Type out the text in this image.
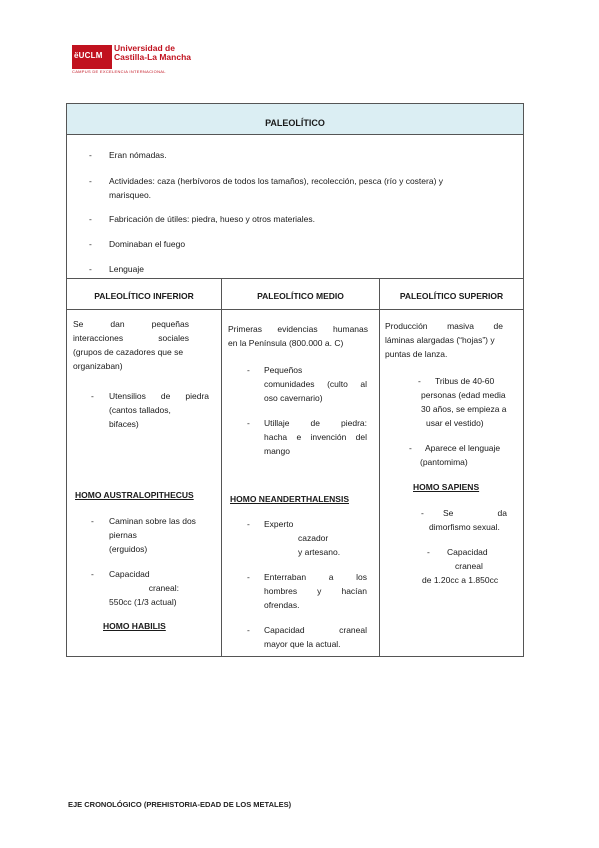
ëUCLM
Universidad de
Castilla-La Mancha
CAMPUS DE EXCELENCIA INTERNACIONAL
PALEOLÍTICO
- Eran nómadas.
- Actividades: caza (herbívoros de todos los tamaños), recolección, pesca (río y costera) y
marisqueo.
- Fabricación de útiles: piedra, hueso y otros materiales.
- Dominaban el fuego
- Lenguaje
PALEOLÍTICO INFERIOR	PALEOLÍTICO MEDIO	PALEOLÍTICO SUPERIOR
Se dan pequeñas
interacciones sociales
(grupos de cazadores que se
organizaban)
- Utensilios de piedra
(cantos tallados,
bifaces)
HOMO AUSTRALOPITHECUS
- Caminan sobre las dos
piernas
(erguidos)
- Capacidad
craneal:
550cc (1/3 actual)
HOMO HABILIS
Primeras evidencias humanas
en la Península (800.000 a. C)
- Pequeños
comunidades (culto al
oso cavernario)
- Utillaje de piedra:
hacha e invención del
mango
HOMO NEANDERTHALENSIS
- Experto
cazador
y artesano.
- Enterraban a los
hombres y hacían
ofrendas.
- Capacidad craneal
mayor que la actual.
Producción masiva de
láminas alargadas (“hojas”) y
puntas de lanza.
- Tribus de 40-60
personas (edad media
30 años, se empieza a
usar el vestido)
- Aparece el lenguaje
(pantomima)
HOMO SAPIENS
- Se da
dimorfismo sexual.
- Capacidad
craneal
de 1.20cc a 1.850cc
EJE CRONOLÓGICO (PREHISTORIA-EDAD DE LOS METALES)
